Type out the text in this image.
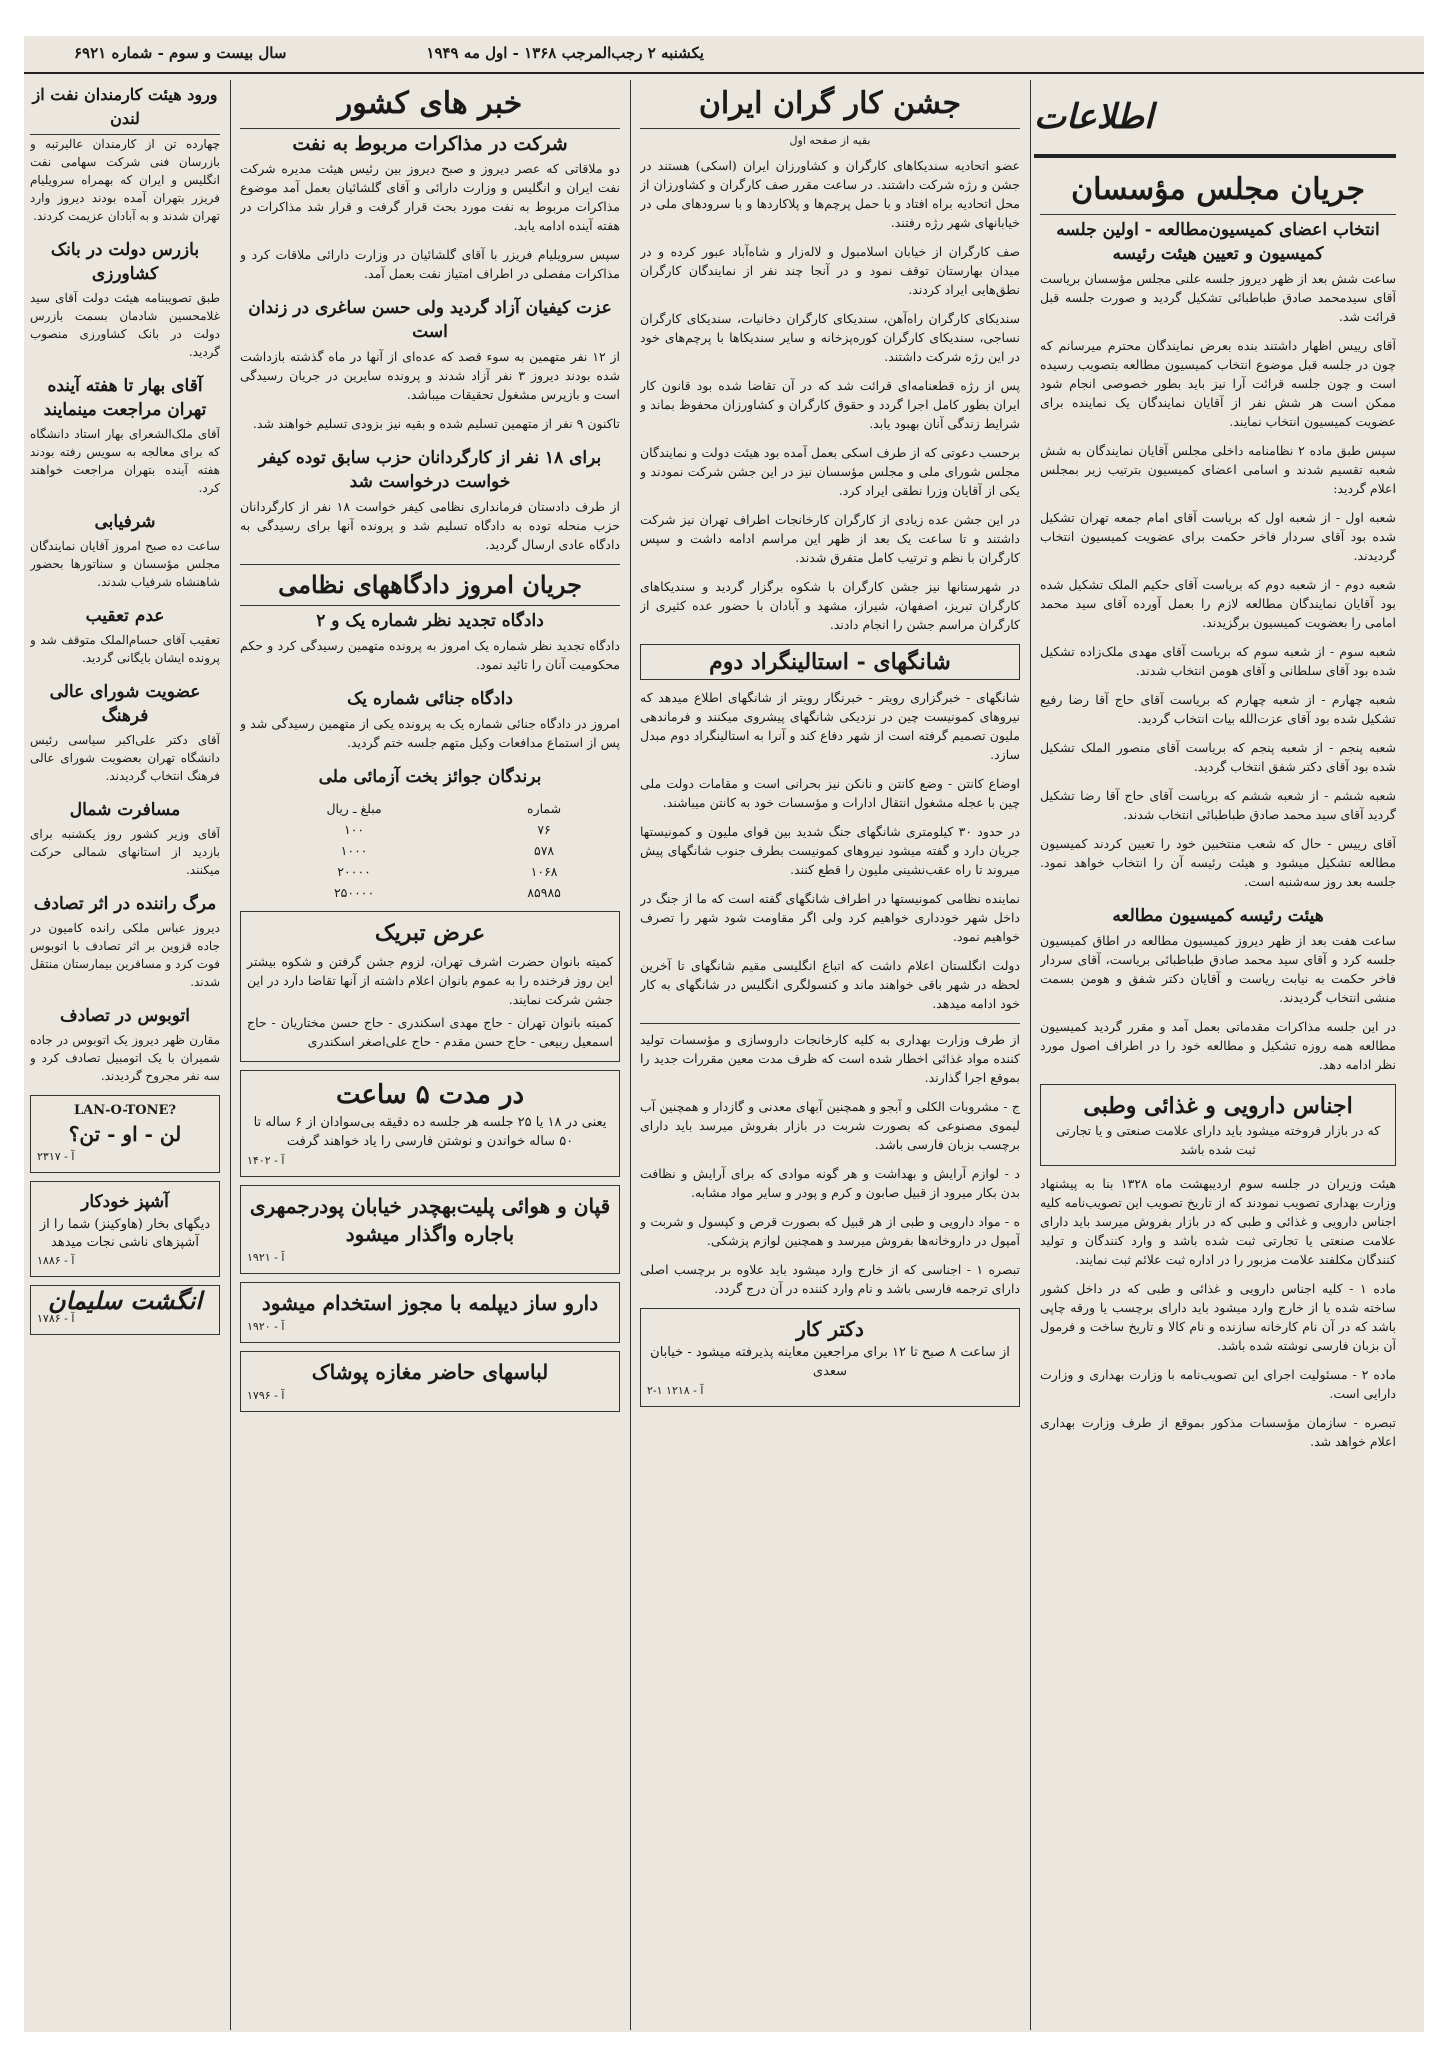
یکشنبه ۲ رجب‌المرجب ۱۳۶۸ - اول مه ۱۹۴۹
سال بیست و سوم - شماره ۶۹۲۱
اطلاعات
جریان مجلس مؤسسان
انتخاب اعضای کمیسیون‌مطالعه - اولین جلسه کمیسیون و تعیین هیئت رئیسه

ساعت شش بعد از ظهر دیروز جلسه علنی مجلس مؤسسان بریاست آقای سیدمحمد صادق طباطبائی تشکیل گردید و صورت جلسه قبل قرائت شد.

آقای رییس اظهار داشتند بنده بعرض نمایندگان محترم میرسانم که چون در جلسه قبل موضوع انتخاب کمیسیون مطالعه بتصویب رسیده است و چون جلسه قرائت آرا نیز باید بطور خصوصی انجام شود ممکن است هر شش نفر از آقایان نمایندگان یک نماینده برای عضویت کمیسیون انتخاب نمایند.

سپس طبق ماده ۲ نظامنامه داخلی مجلس آقایان نمایندگان به شش شعبه تقسیم شدند و اسامی اعضای کمیسیون بترتیب زیر بمجلس اعلام گردید:

شعبه اول - از شعبه اول که بریاست آقای امام جمعه تهران تشکیل شده بود آقای سردار فاخر حکمت برای عضویت کمیسیون انتخاب گردیدند.

شعبه دوم - از شعبه دوم که بریاست آقای حکیم الملک تشکیل شده بود آقایان نمایندگان مطالعه لازم را بعمل آورده آقای سید محمد امامی را بعضویت کمیسیون برگزیدند.

شعبه سوم - از شعبه سوم که بریاست آقای مهدی ملک‌زاده تشکیل شده بود آقای سلطانی و آقای هومن انتخاب شدند.

شعبه چهارم - از شعبه چهارم که بریاست آقای حاج آقا رضا رفیع تشکیل شده بود آقای عزت‌الله بیات انتخاب گردید.

شعبه پنجم - از شعبه پنجم که بریاست آقای منصور الملک تشکیل شده بود آقای دکتر شفق انتخاب گردید.

شعبه ششم - از شعبه ششم که بریاست آقای حاج آقا رضا تشکیل گردید آقای سید محمد صادق طباطبائی انتخاب شدند.

آقای رییس - حال که شعب منتخبین خود را تعیین کردند کمیسیون مطالعه تشکیل میشود و هیئت رئیسه آن را انتخاب خواهد نمود. جلسه بعد روز سه‌شنبه است.

هیئت رئیسه کمیسیون مطالعه

ساعت هفت بعد از ظهر دیروز کمیسیون مطالعه در اطاق کمیسیون جلسه کرد و آقای سید محمد صادق طباطبائی بریاست، آقای سردار فاخر حکمت به نیابت ریاست و آقایان دکتر شفق و هومن بسمت منشی انتخاب گردیدند.

در این جلسه مذاکرات مقدماتی بعمل آمد و مقرر گردید کمیسیون مطالعه همه روزه تشکیل و مطالعه خود را در اطراف اصول مورد نظر ادامه دهد.

اجناس دارویی و غذائی وطبی
که در بازار فروخته میشود باید دارای علامت صنعتی و یا تجارتی ثبت شده باشد

هیئت وزیران در جلسه سوم اردیبهشت ماه ۱۳۲۸ بنا به پیشنهاد وزارت بهداری تصویب نمودند که از تاریخ تصویب این تصویب‌نامه کلیه اجناس دارویی و غذائی و طبی که در بازار بفروش میرسد باید دارای علامت صنعتی یا تجارتی ثبت شده باشد و وارد کنندگان و تولید کنندگان مکلفند علامت مزبور را در اداره ثبت علائم ثبت نمایند.

ماده ۱ - کلیه اجناس دارویی و غذائی و طبی که در داخل کشور ساخته شده یا از خارج وارد میشود باید دارای برچسب یا ورقه چاپی باشد که در آن نام کارخانه سازنده و نام کالا و تاریخ ساخت و فرمول آن بزبان فارسی نوشته شده باشد.

ماده ۲ - مسئولیت اجرای این تصویب‌نامه با وزارت بهداری و وزارت دارایی است.

تبصره - سازمان مؤسسات مذکور بموقع از طرف وزارت بهداری اعلام خواهد شد.

جشن کار گران ایران

بقیه از صفحه اول

عضو اتحادیه سندیکاهای کارگران و کشاورزان ایران (اسکی) هستند در جشن و رژه شرکت داشتند. در ساعت مقرر صف کارگران و کشاورزان از محل اتحادیه براه افتاد و با حمل پرچم‌ها و پلاکاردها و با سرودهای ملی در خیابانهای شهر رژه رفتند.

صف کارگران از خیابان اسلامبول و لاله‌زار و شاه‌آباد عبور کرده و در میدان بهارستان توقف نمود و در آنجا چند نفر از نمایندگان کارگران نطق‌هایی ایراد کردند.

سندیکای کارگران راه‌آهن، سندیکای کارگران دخانیات، سندیکای کارگران نساجی، سندیکای کارگران کوره‌پزخانه و سایر سندیکاها با پرچم‌های خود در این رژه شرکت داشتند.

پس از رژه قطعنامه‌ای قرائت شد که در آن تقاضا شده بود قانون کار ایران بطور کامل اجرا گردد و حقوق کارگران و کشاورزان محفوظ بماند و شرایط زندگی آنان بهبود یابد.

برحسب دعوتی که از طرف اسکی بعمل آمده بود هیئت دولت و نمایندگان مجلس شورای ملی و مجلس مؤسسان نیز در این جشن شرکت نمودند و یکی از آقایان وزرا نطقی ایراد کرد.

در این جشن عده زیادی از کارگران کارخانجات اطراف تهران نیز شرکت داشتند و تا ساعت یک بعد از ظهر این مراسم ادامه داشت و سپس کارگران با نظم و ترتیب کامل متفرق شدند.

در شهرستانها نیز جشن کارگران با شکوه برگزار گردید و سندیکاهای کارگران تبریز، اصفهان، شیراز، مشهد و آبادان با حضور عده کثیری از کارگران مراسم جشن را انجام دادند.

شانگهای - استالینگراد دوم

شانگهای - خبرگزاری رویتر - خبرنگار رویتر از شانگهای اطلاع میدهد که نیروهای کمونیست چین در نزدیکی شانگهای پیشروی میکنند و فرماندهی ملیون تصمیم گرفته است از شهر دفاع کند و آنرا به استالینگراد دوم مبدل سازد.

اوضاع کانتن - وضع کانتن و نانکن نیز بحرانی است و مقامات دولت ملی چین با عجله مشغول انتقال ادارات و مؤسسات خود به کانتن میباشند.

در حدود ۳۰ کیلومتری شانگهای جنگ شدید بین قوای ملیون و کمونیستها جریان دارد و گفته میشود نیروهای کمونیست بطرف جنوب شانگهای پیش میروند تا راه عقب‌نشینی ملیون را قطع کنند.

نماینده نظامی کمونیستها در اطراف شانگهای گفته است که ما از جنگ در داخل شهر خودداری خواهیم کرد ولی اگر مقاومت شود شهر را تصرف خواهیم نمود.

دولت انگلستان اعلام داشت که اتباع انگلیسی مقیم شانگهای تا آخرین لحظه در شهر باقی خواهند ماند و کنسولگری انگلیس در شانگهای به کار خود ادامه میدهد.

از طرف وزارت بهداری به کلیه کارخانجات داروسازی و مؤسسات تولید کننده مواد غذائی اخطار شده است که ظرف مدت معین مقررات جدید را بموقع اجرا گذارند.

ج - مشروبات الکلی و آبجو و همچنین آبهای معدنی و گازدار و همچنین آب لیموی مصنوعی که بصورت شربت در بازار بفروش میرسد باید دارای برچسب بزبان فارسی باشد.

د - لوازم آرایش و بهداشت و هر گونه موادی که برای آرایش و نظافت بدن بکار میرود از قبیل صابون و کرم و پودر و سایر مواد مشابه.

ه - مواد دارویی و طبی از هر قبیل که بصورت قرص و کپسول و شربت و آمپول در داروخانه‌ها بفروش میرسد و همچنین لوازم پزشکی.

تبصره ۱ - اجناسی که از خارج وارد میشود باید علاوه بر برچسب اصلی دارای ترجمه فارسی باشد و نام وارد کننده در آن درج گردد.

دکتر کار
از ساعت ۸ صبح تا ۱۲ برای مراجعین معاینه پذیرفته میشود - خیابان سعدی
۲-۱ آ - ۱۲۱۸
خبر های کشور
شرکت در مذاکرات مربوط به نفت

دو ملاقاتی که عصر دیروز و صبح دیروز بین رئیس هیئت مدیره شرکت نفت ایران و انگلیس و وزارت دارائی و آقای گلشائیان بعمل آمد موضوع مذاکرات مربوط به نفت مورد بحث قرار گرفت و قرار شد مذاکرات در هفته آینده ادامه یابد.

سپس سرویلیام فریزر با آقای گلشائیان در وزارت دارائی ملاقات کرد و مذاکرات مفصلی در اطراف امتیاز نفت بعمل آمد.

عزت کیفیان آزاد گردید ولی حسن ساغری در زندان است

از ۱۲ نفر متهمین به سوء قصد که عده‌ای از آنها در ماه گذشته بازداشت شده بودند دیروز ۳ نفر آزاد شدند و پرونده سایرین در جریان رسیدگی است و بازپرس مشغول تحقیقات میباشد.

تاکنون ۹ نفر از متهمین تسلیم شده و بقیه نیز بزودی تسلیم خواهند شد.

برای ۱۸ نفر از کارگردانان حزب سابق توده کیفر خواست درخواست شد

از طرف دادستان فرمانداری نظامی کیفر خواست ۱۸ نفر از کارگردانان حزب منحله توده به دادگاه تسلیم شد و پرونده آنها برای رسیدگی به دادگاه عادی ارسال گردید.

جریان امروز دادگاههای نظامی
دادگاه تجدید نظر شماره یک و ۲

دادگاه تجدید نظر شماره یک امروز به پرونده متهمین رسیدگی کرد و حکم محکومیت آنان را تائید نمود.

دادگاه جنائی شماره یک

امروز در دادگاه جنائی شماره یک به پرونده یکی از متهمین رسیدگی شد و پس از استماع مدافعات وکیل متهم جلسه ختم گردید.

برندگان جوائز بخت آزمائی ملی
شماره	مبلغ ـ ریال
۷۶	۱۰۰
۵۷۸	۱۰۰۰
۱۰۶۸	۲۰۰۰۰
۸۵۹۸۵	۲۵۰۰۰۰
عرض تبریک

کمیته بانوان حضرت اشرف تهران، لزوم جشن گرفتن و شکوه بیشتر این روز فرخنده را به عموم بانوان اعلام داشته از آنها تقاضا دارد در این جشن شرکت نمایند.

کمیته بانوان تهران - حاج مهدی اسکندری - حاج حسن مختاریان - حاج اسمعیل ربیعی - حاج حسن مقدم - حاج علی‌اصغر اسکندری

در مدت ۵ ساعت
یعنی در ۱۸ یا ۲۵ جلسه هر جلسه ده دقیقه بی‌سوادان از ۶ ساله تا ۵۰ ساله خواندن و نوشتن فارسی را یاد خواهند گرفت
آ - ۱۴۰۲
قپان و هوائی پلیت‌بهچدر خیابان پودرجمهری باجاره واگذار میشود
آ - ۱۹۲۱
دارو ساز دیپلمه با مجوز استخدام میشود
آ - ۱۹۲۰
لباسهای حاضر مغازه پوشاک
آ - ۱۷۹۶
ورود هیئت کارمندان نفت از لندن

چهارده تن از کارمندان عالیرتبه و بازرسان فنی شرکت سهامی نفت انگلیس و ایران که بهمراه سرویلیام فریزر بتهران آمده بودند دیروز وارد تهران شدند و به آبادان عزیمت کردند.

بازرس دولت در بانک کشاورزی

طبق تصویبنامه هیئت دولت آقای سید غلامحسین شادمان بسمت بازرس دولت در بانک کشاورزی منصوب گردید.

آقای بهار تا هفته آینده تهران مراجعت مینمایند

آقای ملک‌الشعرای بهار استاد دانشگاه که برای معالجه به سویس رفته بودند هفته آینده بتهران مراجعت خواهند کرد.

شرفیابی

ساعت ده صبح امروز آقایان نمایندگان مجلس مؤسسان و سناتورها بحضور شاهنشاه شرفیاب شدند.

عدم تعقیب

تعقیب آقای حسام‌الملک متوقف شد و پرونده ایشان بایگانی گردید.

عضویت شورای عالی فرهنگ

آقای دکتر علی‌اکبر سیاسی رئیس دانشگاه تهران بعضویت شورای عالی فرهنگ انتخاب گردیدند.

مسافرت شمال

آقای وزیر کشور روز یکشنبه برای بازدید از استانهای شمالی حرکت میکنند.

مرگ راننده در اثر تصادف

دیروز عباس ملکی رانده کامیون در جاده قزوین بر اثر تصادف با اتوبوس فوت کرد و مسافرین بیمارستان منتقل شدند.

اتوبوس در تصادف

مقارن ظهر دیروز یک اتوبوس در جاده شمیران با یک اتومبیل تصادف کرد و سه نفر مجروح گردیدند.

LAN-O-TONE?
لن - او - تن؟
آ - ۲۳۱۷
آشپز خودکار
دیگهای بخار (هاوکینز) شما را از آشپزهای ناشی نجات میدهد
آ - ۱۸۸۶
انگشت سلیمان
آ - ۱۷۸۶
